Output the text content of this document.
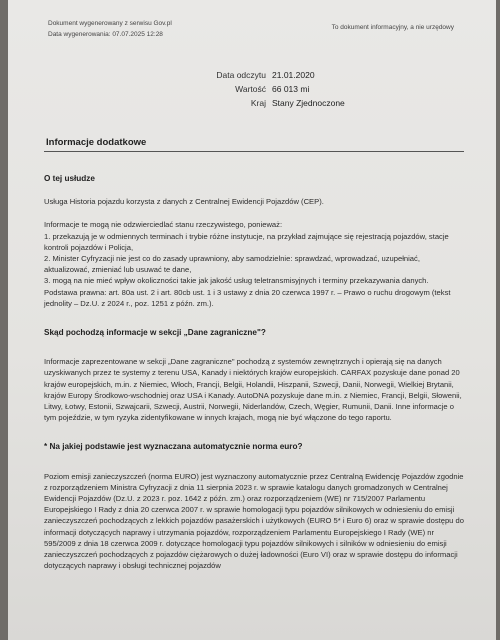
Dokument wygenerowany z serwisu Gov.pl
Data wygenerowania: 07.07.2025 12:28
To dokument informacyjny, a nie urzędowy
Data odczytu 21.01.2020
Wartość 66 013 mi
Kraj Stany Zjednoczone
Informacje dodatkowe

O tej usłudze

Usługa Historia pojazdu korzysta z danych z Centralnej Ewidencji Pojazdów (CEP).

Informacje te mogą nie odzwierciedlać stanu rzeczywistego, ponieważ:

1. przekazują je w odmiennych terminach i trybie różne instytucje, na przykład zajmujące się rejestracją pojazdów, stacje kontroli pojazdów i Policja,

2. Minister Cyfryzacji nie jest co do zasady uprawniony, aby samodzielnie: sprawdzać, wprowadzać, uzupełniać, aktualizować, zmieniać lub usuwać te dane,

3. mogą na nie mieć wpływ okoliczności takie jak jakość usług teletransmisyjnych i terminy przekazywania danych.

Podstawa prawna: art. 80a ust. 2 i art. 80cb ust. 1 i 3 ustawy z dnia 20 czerwca 1997 r. – Prawo o ruchu drogowym (tekst jednolity – Dz.U. z 2024 r., poz. 1251 z późn. zm.).

Skąd pochodzą informacje w sekcji „Dane zagraniczne"?

Informacje zaprezentowane w sekcji „Dane zagraniczne" pochodzą z systemów zewnętrznych i opierają się na danych uzyskiwanych przez te systemy z terenu USA, Kanady i niektórych krajów europejskich. CARFAX pozyskuje dane ponad 20 krajów europejskich, m.in. z Niemiec, Włoch, Francji, Belgii, Holandii, Hiszpanii, Szwecji, Danii, Norwegii, Wielkiej Brytanii, krajów Europy Środkowo-wschodniej oraz USA i Kanady. AutoDNA pozyskuje dane m.in. z Niemiec, Francji, Belgii, Słowenii, Litwy, Łotwy, Estonii, Szwajcarii, Szwecji, Austrii, Norwegii, Niderlandów, Czech, Węgier, Rumunii, Danii. Inne informacje o tym pojeździe, w tym ryzyka zidentyfikowane w innych krajach, mogą nie być włączone do tego raportu.

* Na jakiej podstawie jest wyznaczana automatycznie norma euro?

Poziom emisji zanieczyszczeń (norma EURO) jest wyznaczony automatycznie przez Centralną Ewidencję Pojazdów zgodnie z rozporządzeniem Ministra Cyfryzacji z dnia 11 sierpnia 2023 r. w sprawie katalogu danych gromadzonych w Centralnej Ewidencji Pojazdów (Dz.U. z 2023 r. poz. 1642 z późn. zm.) oraz rozporządzeniem (WE) nr 715/2007 Parlamentu Europejskiego I Rady z dnia 20 czerwca 2007 r. w sprawie homologacji typu pojazdów silnikowych w odniesieniu do emisji zanieczyszczeń pochodzących z lekkich pojazdów pasażerskich i użytkowych (EURO 5* i Euro 6) oraz w sprawie dostępu do informacji dotyczących naprawy i utrzymania pojazdów, rozporządzeniem Parlamentu Europejskiego I Rady (WE) nr 595/2009 z dnia 18 czerwca 2009 r. dotyczące homologacji typu pojazdów silnikowych i silników w odniesieniu do emisji zanieczyszczeń pochodzących z pojazdów ciężarowych o dużej ładowności (Euro VI) oraz w sprawie dostępu do informacji dotyczących naprawy i obsługi technicznej pojazdów
